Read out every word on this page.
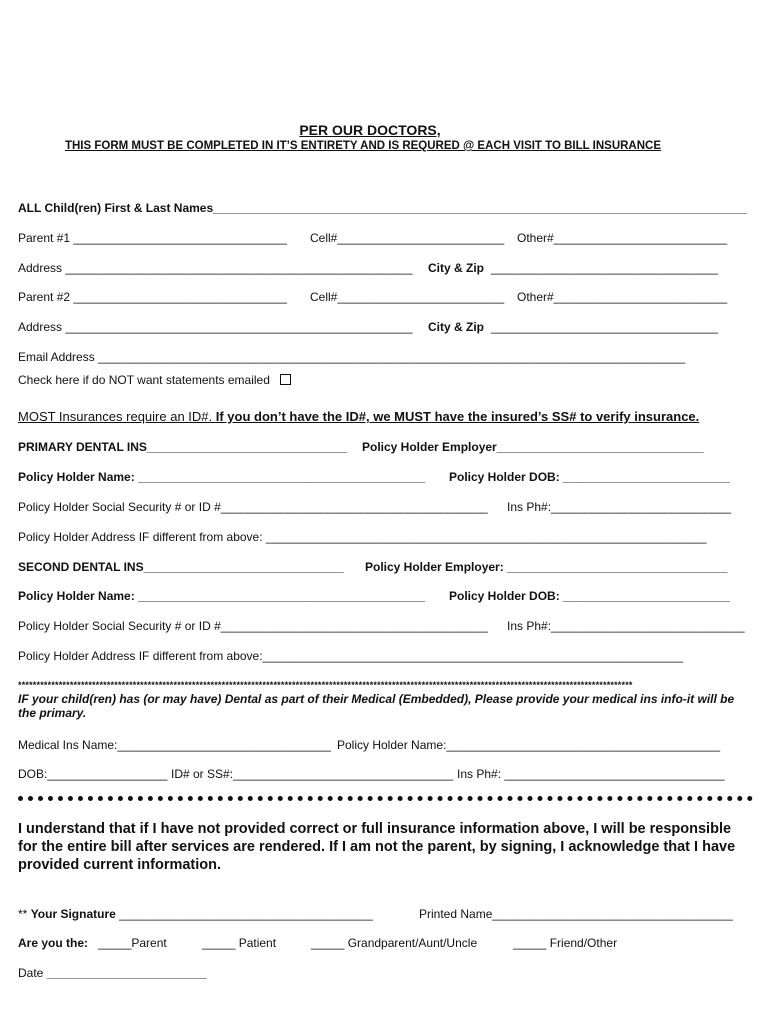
PER OUR DOCTORS,
THIS FORM MUST BE COMPLETED IN IT’S ENTIRETY AND IS REQURED @ EACH VISIT TO BILL INSURANCE
ALL Child(ren) First & Last Names________________________________________________________________________________
Parent #1 ________________________________ Cell#_________________________ Other#__________________________
Address ____________________________________________________ City & Zip __________________________________
Parent #2 ________________________________ Cell#_________________________ Other#__________________________
Address ____________________________________________________ City & Zip __________________________________
Email Address ________________________________________________________________________________________
Check here if do NOT want statements emailed
MOST Insurances require an ID#. If you don’t have the ID#, we MUST have the insured’s SS# to verify insurance.
PRIMARY DENTAL INS______________________________ Policy Holder Employer_______________________________
Policy Holder Name: ___________________________________________ Policy Holder DOB: _________________________
Policy Holder Social Security # or ID #________________________________________ Ins Ph#:___________________________
Policy Holder Address IF different from above: __________________________________________________________________
SECOND DENTAL INS______________________________ Policy Holder Employer: _________________________________
Policy Holder Name: ___________________________________________ Policy Holder DOB: _________________________
Policy Holder Social Security # or ID #________________________________________ Ins Ph#:_____________________________
Policy Holder Address IF different from above:_______________________________________________________________
**********************************************************************************************************************************************************************
IF your child(ren) has (or may have) Dental as part of their Medical (Embedded), Please provide your medical ins info-it will be the primary.
Medical Ins Name:________________________________ Policy Holder Name:_________________________________________
DOB:__________________ ID# or SS#:_________________________________ Ins Ph#: _________________________________
I understand that if I have not provided correct or full insurance information above, I will be responsible for the entire bill after services are rendered. If I am not the parent, by signing, I acknowledge that I have provided current information.
** Your Signature ______________________________________	Printed Name____________________________________
Are you the: _____Parent	_____ Patient	_____ Grandparent/Aunt/Uncle	_____ Friend/Other
Date ________________________
